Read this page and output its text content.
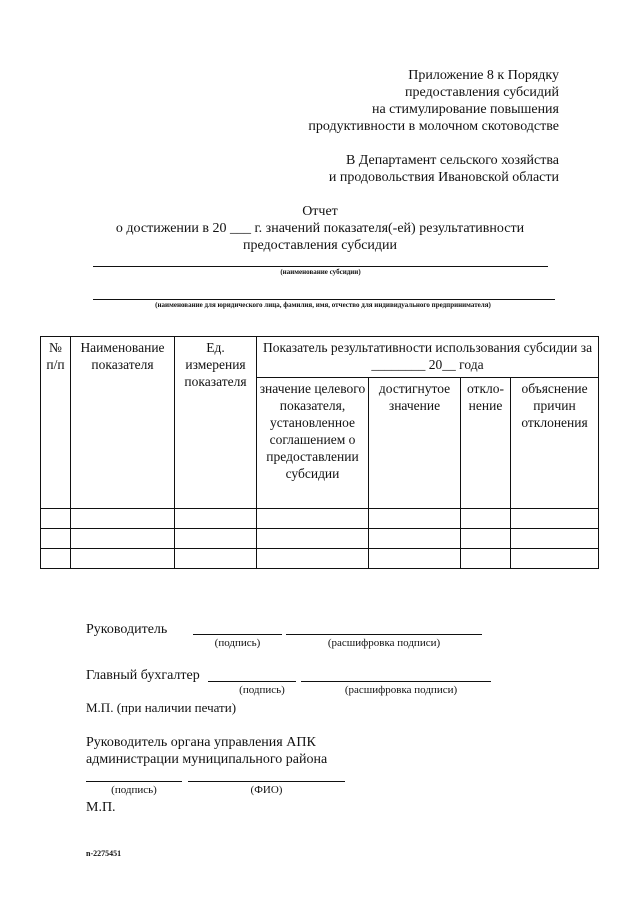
Приложение 8 к Порядку
предоставления субсидий
на стимулирование повышения
продуктивности в молочном скотоводстве
В Департамент сельского хозяйства
и продовольствия Ивановской области
Отчет
о достижении в 20 ___ г. значений показателя(-ей) результативности
предоставления субсидии
(наименование субсидии)
(наименование для юридического лица, фамилия, имя, отчество для индивидуального предпринимателя)
№ п/п	Наименование показателя	Ед. измерения показателя	Показатель результативности использования субсидии за ________ 20__ года			
			значение целевого показателя, установленное соглашением о предоставлении субсидии	достигнутое значение	откло- нение	объяснение причин отклонения

Руководитель
(подпись)	(расшифровка подписи)
Главный бухгалтер
(подпись)	(расшифровка подписи)
М.П. (при наличии печати)
Руководитель органа управления АПК
администрации муниципального района
(подпись)	(ФИО)
М.П.
n-2275451
